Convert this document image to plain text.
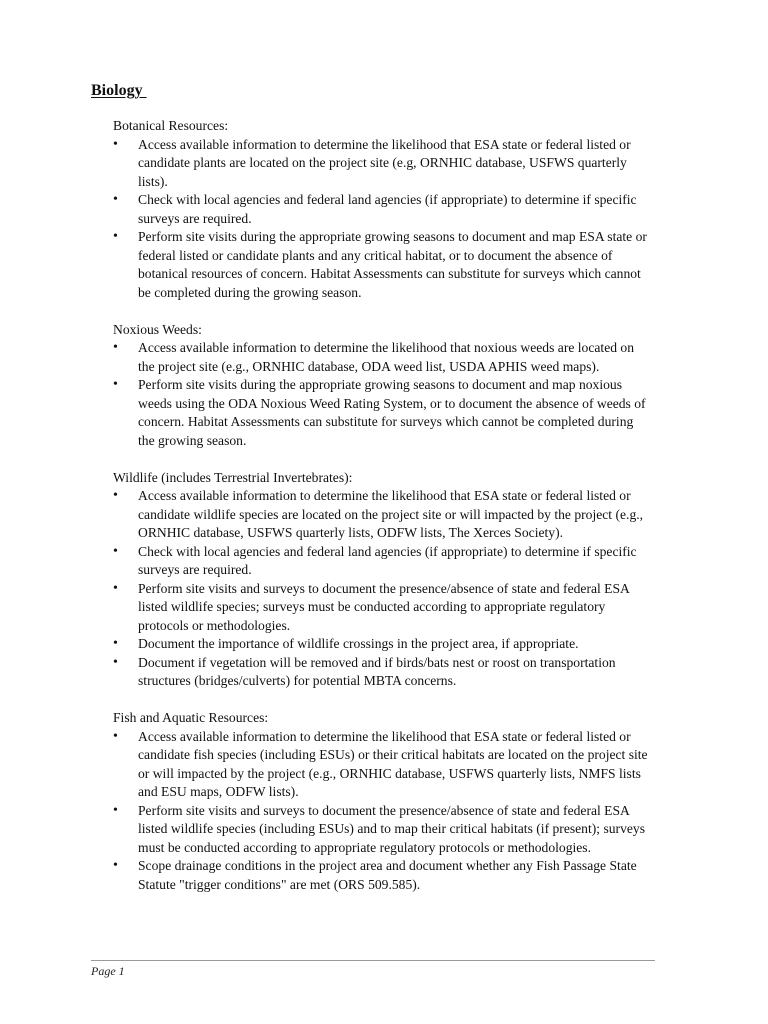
Biology
Botanical Resources:
• Access available information to determine the likelihood that ESA state or federal listed or candidate plants are located on the project site (e.g, ORNHIC database, USFWS quarterly lists).
• Check with local agencies and federal land agencies (if appropriate) to determine if specific surveys are required.
• Perform site visits during the appropriate growing seasons to document and map ESA state or federal listed or candidate plants and any critical habitat, or to document the absence of botanical resources of concern. Habitat Assessments can substitute for surveys which cannot be completed during the growing season.
Noxious Weeds:
• Access available information to determine the likelihood that noxious weeds are located on the project site (e.g., ORNHIC database, ODA weed list, USDA APHIS weed maps).
• Perform site visits during the appropriate growing seasons to document and map noxious weeds using the ODA Noxious Weed Rating System, or to document the absence of weeds of concern. Habitat Assessments can substitute for surveys which cannot be completed during the growing season.
Wildlife (includes Terrestrial Invertebrates):
• Access available information to determine the likelihood that ESA state or federal listed or candidate wildlife species are located on the project site or will impacted by the project (e.g., ORNHIC database, USFWS quarterly lists, ODFW lists, The Xerces Society).
• Check with local agencies and federal land agencies (if appropriate) to determine if specific surveys are required.
• Perform site visits and surveys to document the presence/absence of state and federal ESA listed wildlife species; surveys must be conducted according to appropriate regulatory protocols or methodologies.
• Document the importance of wildlife crossings in the project area, if appropriate.
• Document if vegetation will be removed and if birds/bats nest or roost on transportation structures (bridges/culverts) for potential MBTA concerns.
Fish and Aquatic Resources:
• Access available information to determine the likelihood that ESA state or federal listed or candidate fish species (including ESUs) or their critical habitats are located on the project site or will impacted by the project (e.g., ORNHIC database, USFWS quarterly lists, NMFS lists and ESU maps, ODFW lists).
• Perform site visits and surveys to document the presence/absence of state and federal ESA listed wildlife species (including ESUs) and to map their critical habitats (if present); surveys must be conducted according to appropriate regulatory protocols or methodologies.
• Scope drainage conditions in the project area and document whether any Fish Passage State Statute "trigger conditions" are met (ORS 509.585).
Page 1
